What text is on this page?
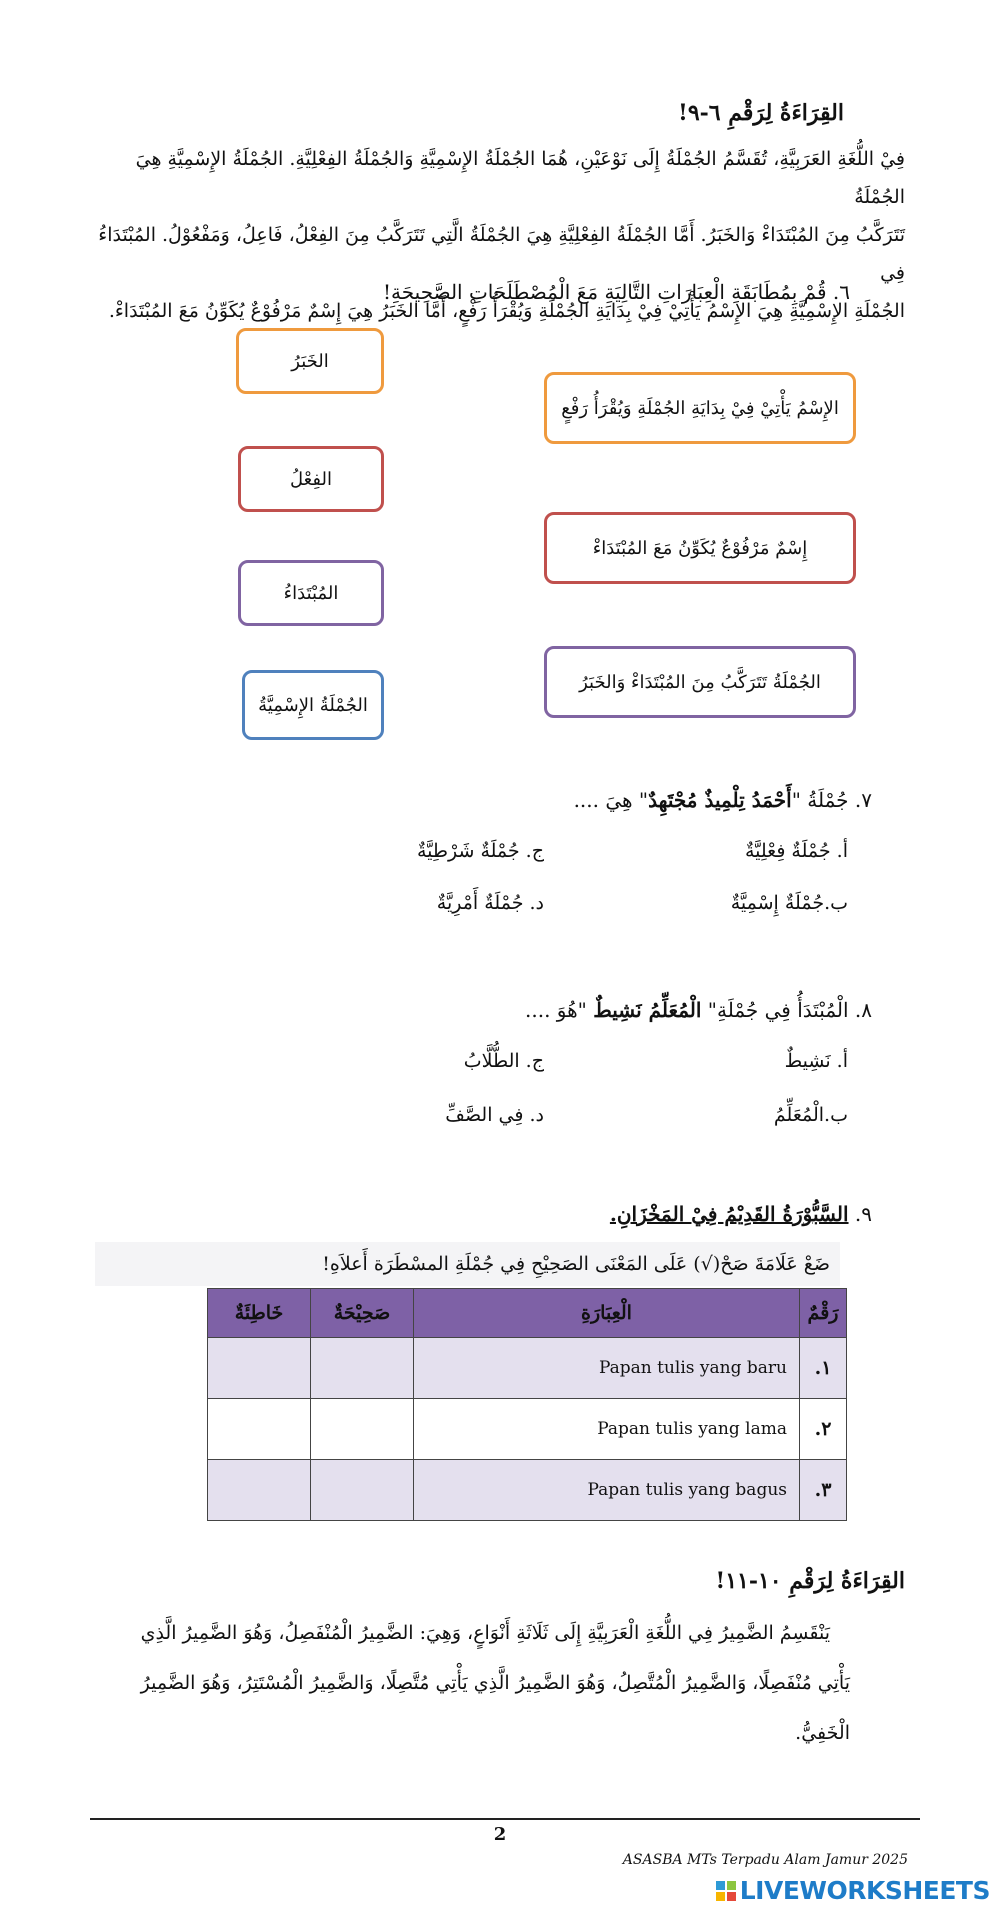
القِرَاءَةُ لِرَقْمِ ٦-٩!
فِيْ اللُّغَةِ العَرَبِيَّةِ، تُقَسَّمُ الجُمْلَةُ إِلَى نَوْعَيْنِ، هُمَا الجُمْلَةُ الإِسْمِيَّةِ وَالجُمْلَةُ الفِعْلِيَّةِ. الجُمْلَةُ الإِسْمِيَّةِ هِيَ الجُمْلَةُ
تَتَرَكَّبُ مِنَ المُبْتَدَاءْ وَالخَبَرُ. أَمَّا الجُمْلَةُ الفِعْلِيَّةِ هِيَ الجُمْلَةُ الَّتِي تَتَرَكَّبُ مِنَ الفِعْلُ، فَاعِلُ، وَمَفْعُوْلُ. المُبْتَدَاءُ فِي
الجُمْلَةِ الإِسْمِيَّةِ هِيَ الإِسْمُ يَأْتِيْ فِيْ بِدَايَةِ الجُمْلَةِ وَيُقْرَأُ رَفْعٍ، أَمَّا الخَبَرُ هِيَ إِسْمٌ مَرْفُوْعٌ يُكَوِّنُ مَعَ المُبْتَدَاءْ.
٦. قُمْ بِمُطَابَقَةِ الْعِبَارَاتِ التَّالِيَةِ مَعَ الْمُصْطَلَحَاتِ الصَّحِيحَةِ!
الخَبَرُ
الفِعْلُ
المُبْتَدَاءُ
الجُمْلَةُ الإِسْمِيَّةُ
الإِسْمُ يَأْتِيْ فِيْ بِدَايَةِ الجُمْلَةِ وَيُقْرَأُ رَفْعٍ
إِسْمٌ مَرْفُوْعٌ يُكَوِّنُ مَعَ المُبْتَدَاءْ
الجُمْلَةُ تَتَرَكَّبُ مِنَ المُبْتَدَاءْ وَالخَبَرُ
٧. جُمْلَةُ "أَحْمَدُ تِلْمِيذٌ مُجْتَهِدٌ" هِيَ ....
أ. جُمْلَةٌ فِعْلِيَّةٌ
ب.جُمْلَةٌ إِسْمِيَّةٌ
ج. جُمْلَةٌ شَرْطِيَّةٌ
د. جُمْلَةٌ أَمْرِيَّةٌ
٨. الْمُبْتَدَأُ فِي جُمْلَةِ" الْمُعَلِّمُ نَشِيطٌ "هُوَ ....
أ. نَشِيطٌ
ب.الْمُعَلِّمُ
ج. الطُّلَّابُ
د. فِي الصَّفِّ
٩. السَّبُّوْرَةُ القَدِيْمُ فِيْ المَخْزَانِ.
ضَعْ عَلَامَةَ صَحْ(√) عَلَى المَعْنَى الصَحِيْحِ فِي جُمْلَةِ المسْطَرَة أَعلاَهِ!
رَقْمٌ	الْعِبَارَةِ	صَحِيْحَةٌ	خَاطِئَةٌ
١.	Papan tulis yang baru		
٢.	Papan tulis yang lama		
٣.	Papan tulis yang bagus		
القِرَاءَةُ لِرَقْمِ ١٠-١١!
يَنْقَسِمُ الضَّمِيرُ فِي اللُّغَةِ الْعَرَبِيَّةِ إِلَى ثَلَاثَةِ أَنْوَاعٍ، وَهِيَ: الضَّمِيرُ الْمُنْفَصِلُ، وَهُوَ الضَّمِيرُ الَّذِي
يَأْتِي مُنْفَصِلًا، وَالضَّمِيرُ الْمُتَّصِلُ، وَهُوَ الضَّمِيرُ الَّذِي يَأْتِي مُتَّصِلًا، وَالضَّمِيرُ الْمُسْتَتِرُ، وَهُوَ الضَّمِيرُ
الْخَفِيُّ.
2
ASASBA MTs Terpadu Alam Jamur 2025
LIVEWORKSHEETS
